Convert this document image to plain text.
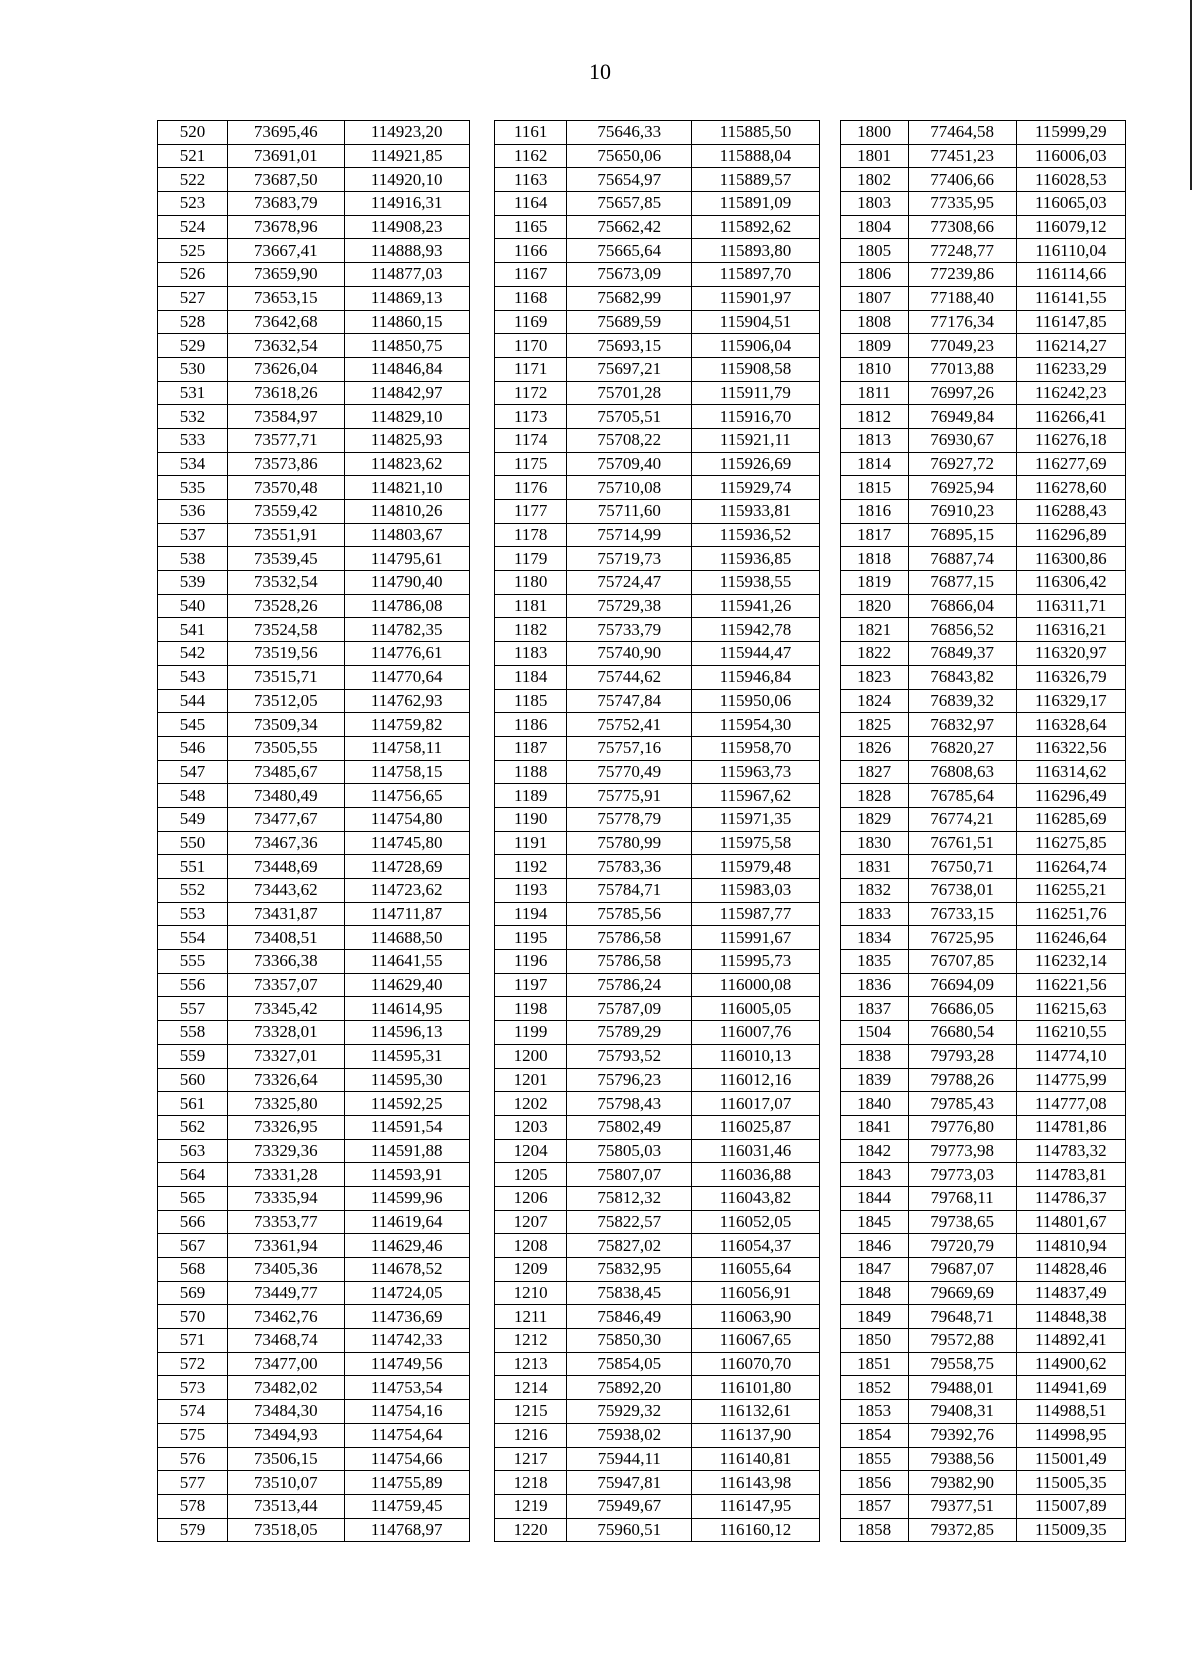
10
520	73695,46	114923,20		1161	75646,33	115885,50		1800	77464,58	115999,29
521	73691,01	114921,85		1162	75650,06	115888,04		1801	77451,23	116006,03
522	73687,50	114920,10		1163	75654,97	115889,57		1802	77406,66	116028,53
523	73683,79	114916,31		1164	75657,85	115891,09		1803	77335,95	116065,03
524	73678,96	114908,23		1165	75662,42	115892,62		1804	77308,66	116079,12
525	73667,41	114888,93		1166	75665,64	115893,80		1805	77248,77	116110,04
526	73659,90	114877,03		1167	75673,09	115897,70		1806	77239,86	116114,66
527	73653,15	114869,13		1168	75682,99	115901,97		1807	77188,40	116141,55
528	73642,68	114860,15		1169	75689,59	115904,51		1808	77176,34	116147,85
529	73632,54	114850,75		1170	75693,15	115906,04		1809	77049,23	116214,27
530	73626,04	114846,84		1171	75697,21	115908,58		1810	77013,88	116233,29
531	73618,26	114842,97		1172	75701,28	115911,79		1811	76997,26	116242,23
532	73584,97	114829,10		1173	75705,51	115916,70		1812	76949,84	116266,41
533	73577,71	114825,93		1174	75708,22	115921,11		1813	76930,67	116276,18
534	73573,86	114823,62		1175	75709,40	115926,69		1814	76927,72	116277,69
535	73570,48	114821,10		1176	75710,08	115929,74		1815	76925,94	116278,60
536	73559,42	114810,26		1177	75711,60	115933,81		1816	76910,23	116288,43
537	73551,91	114803,67		1178	75714,99	115936,52		1817	76895,15	116296,89
538	73539,45	114795,61		1179	75719,73	115936,85		1818	76887,74	116300,86
539	73532,54	114790,40		1180	75724,47	115938,55		1819	76877,15	116306,42
540	73528,26	114786,08		1181	75729,38	115941,26		1820	76866,04	116311,71
541	73524,58	114782,35		1182	75733,79	115942,78		1821	76856,52	116316,21
542	73519,56	114776,61		1183	75740,90	115944,47		1822	76849,37	116320,97
543	73515,71	114770,64		1184	75744,62	115946,84		1823	76843,82	116326,79
544	73512,05	114762,93		1185	75747,84	115950,06		1824	76839,32	116329,17
545	73509,34	114759,82		1186	75752,41	115954,30		1825	76832,97	116328,64
546	73505,55	114758,11		1187	75757,16	115958,70		1826	76820,27	116322,56
547	73485,67	114758,15		1188	75770,49	115963,73		1827	76808,63	116314,62
548	73480,49	114756,65		1189	75775,91	115967,62		1828	76785,64	116296,49
549	73477,67	114754,80		1190	75778,79	115971,35		1829	76774,21	116285,69
550	73467,36	114745,80		1191	75780,99	115975,58		1830	76761,51	116275,85
551	73448,69	114728,69		1192	75783,36	115979,48		1831	76750,71	116264,74
552	73443,62	114723,62		1193	75784,71	115983,03		1832	76738,01	116255,21
553	73431,87	114711,87		1194	75785,56	115987,77		1833	76733,15	116251,76
554	73408,51	114688,50		1195	75786,58	115991,67		1834	76725,95	116246,64
555	73366,38	114641,55		1196	75786,58	115995,73		1835	76707,85	116232,14
556	73357,07	114629,40		1197	75786,24	116000,08		1836	76694,09	116221,56
557	73345,42	114614,95		1198	75787,09	116005,05		1837	76686,05	116215,63
558	73328,01	114596,13		1199	75789,29	116007,76		1504	76680,54	116210,55
559	73327,01	114595,31		1200	75793,52	116010,13		1838	79793,28	114774,10
560	73326,64	114595,30		1201	75796,23	116012,16		1839	79788,26	114775,99
561	73325,80	114592,25		1202	75798,43	116017,07		1840	79785,43	114777,08
562	73326,95	114591,54		1203	75802,49	116025,87		1841	79776,80	114781,86
563	73329,36	114591,88		1204	75805,03	116031,46		1842	79773,98	114783,32
564	73331,28	114593,91		1205	75807,07	116036,88		1843	79773,03	114783,81
565	73335,94	114599,96		1206	75812,32	116043,82		1844	79768,11	114786,37
566	73353,77	114619,64		1207	75822,57	116052,05		1845	79738,65	114801,67
567	73361,94	114629,46		1208	75827,02	116054,37		1846	79720,79	114810,94
568	73405,36	114678,52		1209	75832,95	116055,64		1847	79687,07	114828,46
569	73449,77	114724,05		1210	75838,45	116056,91		1848	79669,69	114837,49
570	73462,76	114736,69		1211	75846,49	116063,90		1849	79648,71	114848,38
571	73468,74	114742,33		1212	75850,30	116067,65		1850	79572,88	114892,41
572	73477,00	114749,56		1213	75854,05	116070,70		1851	79558,75	114900,62
573	73482,02	114753,54		1214	75892,20	116101,80		1852	79488,01	114941,69
574	73484,30	114754,16		1215	75929,32	116132,61		1853	79408,31	114988,51
575	73494,93	114754,64		1216	75938,02	116137,90		1854	79392,76	114998,95
576	73506,15	114754,66		1217	75944,11	116140,81		1855	79388,56	115001,49
577	73510,07	114755,89		1218	75947,81	116143,98		1856	79382,90	115005,35
578	73513,44	114759,45		1219	75949,67	116147,95		1857	79377,51	115007,89
579	73518,05	114768,97		1220	75960,51	116160,12		1858	79372,85	115009,35
